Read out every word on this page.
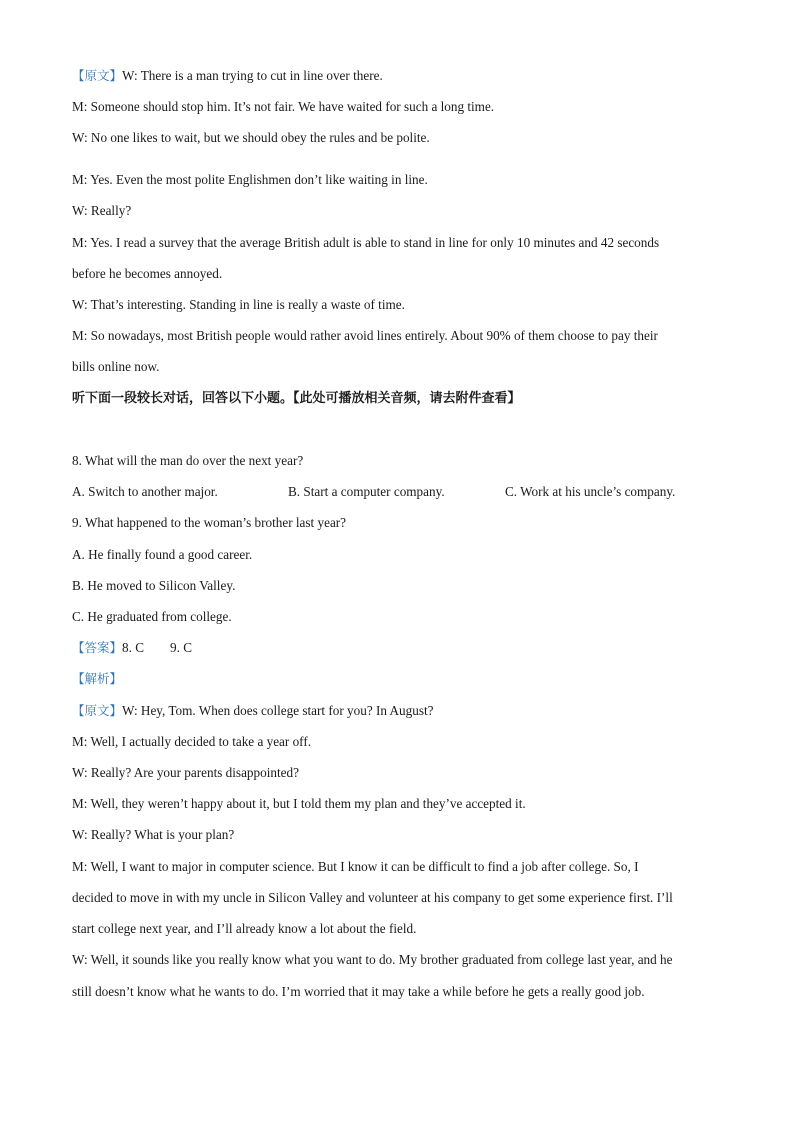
【原文】W: There is a man trying to cut in line over there.
M: Someone should stop him. It’s not fair. We have waited for such a long time.
W: No one likes to wait, but we should obey the rules and be polite.
M: Yes. Even the most polite Englishmen don’t like waiting in line.
W: Really?
M: Yes. I read a survey that the average British adult is able to stand in line for only 10 minutes and 42 seconds
before he becomes annoyed.
W: That’s interesting. Standing in line is really a waste of time.
M: So nowadays, most British people would rather avoid lines entirely. About 90% of them choose to pay their
bills online now.
听下面一段较长对话，回答以下小题。【此处可播放相关音频，请去附件查看】
8. What will the man do over the next year?
A. Switch to another major.	B. Start a computer company.	C. Work at his uncle’s company.
9. What happened to the woman’s brother last year?
A. He finally found a good career.
B. He moved to Silicon Valley.
C. He graduated from college.
【答案】8. C 9. C
【解析】
【原文】W: Hey, Tom. When does college start for you? In August?
M: Well, I actually decided to take a year off.
W: Really? Are your parents disappointed?
M: Well, they weren’t happy about it, but I told them my plan and they’ve accepted it.
W: Really? What is your plan?
M: Well, I want to major in computer science. But I know it can be difficult to find a job after college. So, I
decided to move in with my uncle in Silicon Valley and volunteer at his company to get some experience first. I’ll
start college next year, and I’ll already know a lot about the field.
W: Well, it sounds like you really know what you want to do. My brother graduated from college last year, and he
still doesn’t know what he wants to do. I’m worried that it may take a while before he gets a really good job.
